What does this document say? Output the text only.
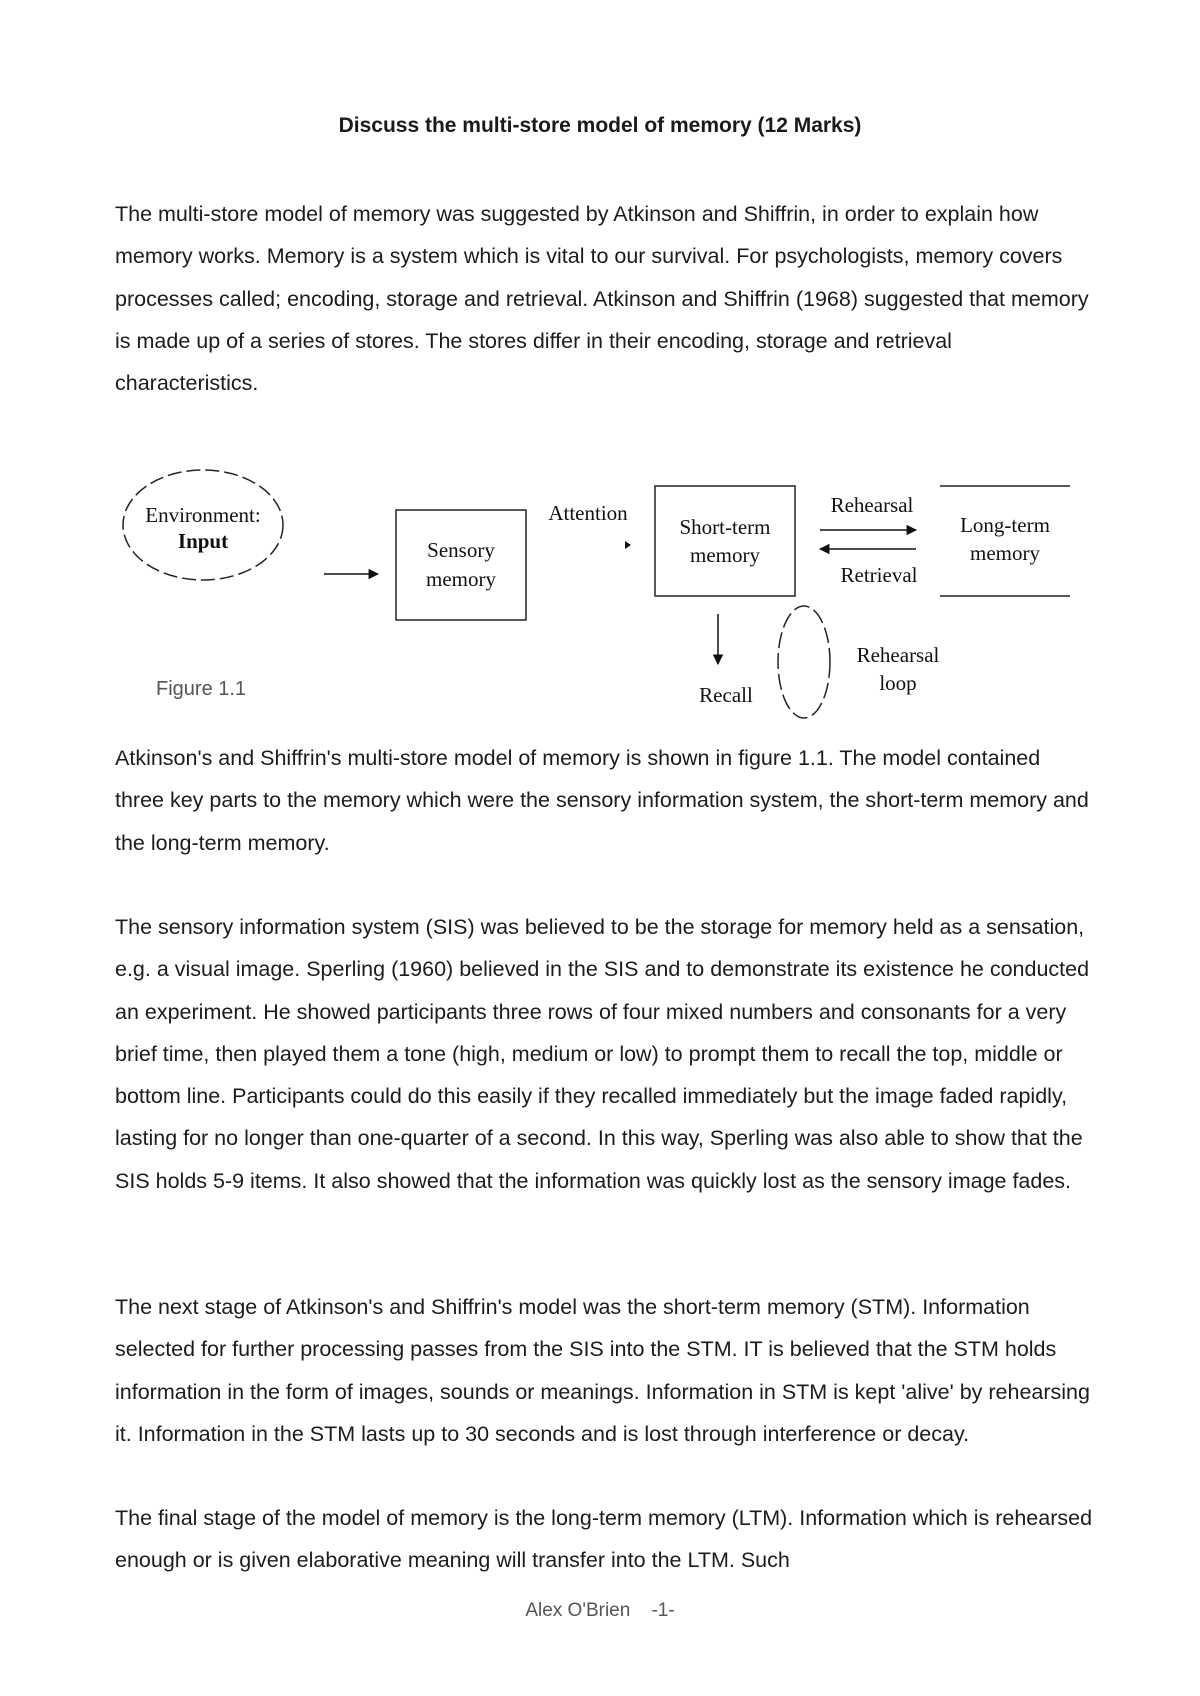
Discuss the multi-store model of memory (12 Marks)

The multi-store model of memory was suggested by Atkinson and Shiffrin, in order to explain how memory works. Memory is a system which is vital to our survival. For psychologists, memory covers processes called; encoding, storage and retrieval. Atkinson and Shiffrin (1968) suggested that memory is made up of a series of stores. The stores differ in their encoding, storage and retrieval characteristics.

Environment:
Input	Sensory
memory
Attention
Short-term
memory
Rehearsal
Retrieval
Long-term
memory
Recall
Rehearsal
loop

Figure 1.1

Atkinson's and Shiffrin's multi-store model of memory is shown in figure 1.1. The model contained three key parts to the memory which were the sensory information system, the short-term memory and the long-term memory.

The sensory information system (SIS) was believed to be the storage for memory held as a sensation, e.g. a visual image. Sperling (1960) believed in the SIS and to demonstrate its existence he conducted an experiment. He showed participants three rows of four mixed numbers and consonants for a very brief time, then played them a tone (high, medium or low) to prompt them to recall the top, middle or bottom line. Participants could do this easily if they recalled immediately but the image faded rapidly, lasting for no longer than one-quarter of a second. In this way, Sperling was also able to show that the SIS holds 5-9 items. It also showed that the information was quickly lost as the sensory image fades.

The next stage of Atkinson's and Shiffrin's model was the short-term memory (STM). Information selected for further processing passes from the SIS into the STM. IT is believed that the STM holds information in the form of images, sounds or meanings. Information in STM is kept 'alive' by rehearsing it. Information in the STM lasts up to 30 seconds and is lost through interference or decay.

The final stage of the model of memory is the long-term memory (LTM). Information which is rehearsed enough or is given elaborative meaning will transfer into the LTM. Such

Alex O'Brien -1-
